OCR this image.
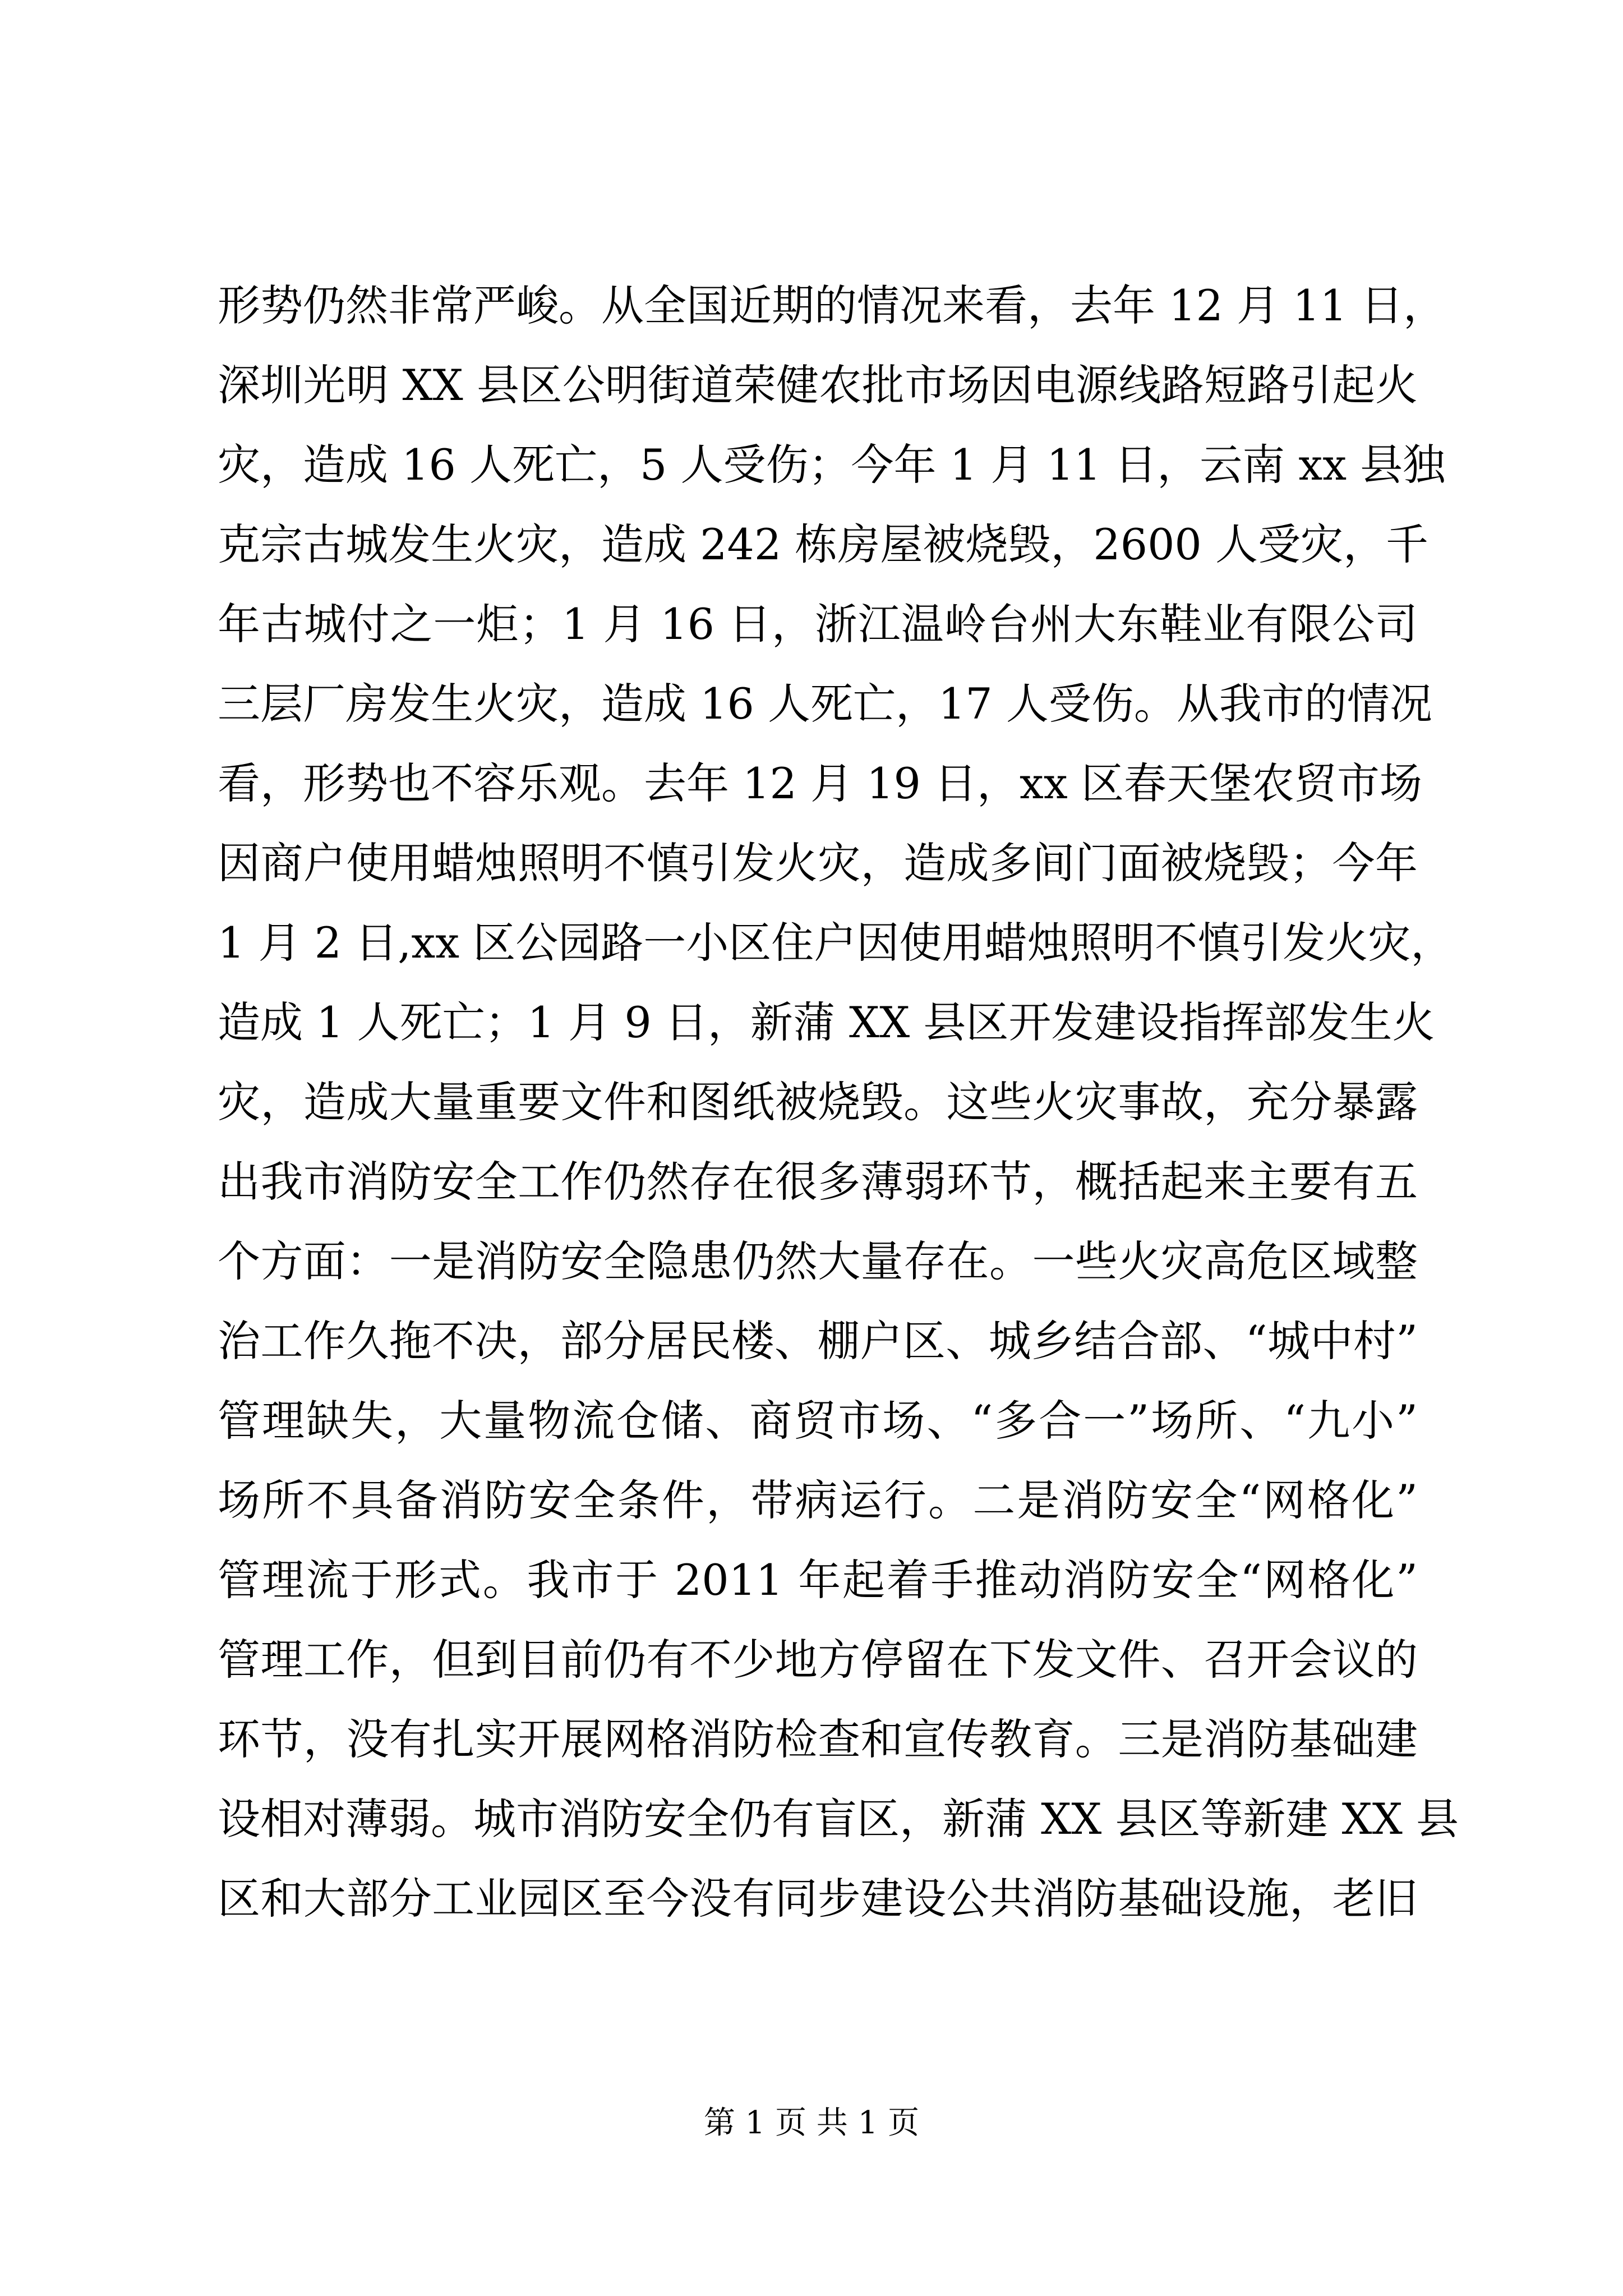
形势仍然非常严峻。从全国近期的情况来看，去年 12 月 11 日，
深圳光明 XX 县区公明街道荣健农批市场因电源线路短路引起火
灾，造成 16 人死亡，5 人受伤；今年 1 月 11 日，云南 xx 县独
克宗古城发生火灾，造成 242 栋房屋被烧毁，2600 人受灾，千
年古城付之一炬；1 月 16 日，浙江温岭台州大东鞋业有限公司
三层厂房发生火灾，造成 16 人死亡，17 人受伤。从我市的情况
看，形势也不容乐观。去年 12 月 19 日，xx 区春天堡农贸市场
因商户使用蜡烛照明不慎引发火灾，造成多间门面被烧毁；今年
1 月 2 日,xx 区公园路一小区住户因使用蜡烛照明不慎引发火灾，
造成 1 人死亡；1 月 9 日，新蒲 XX 县区开发建设指挥部发生火
灾，造成大量重要文件和图纸被烧毁。这些火灾事故，充分暴露
出我市消防安全工作仍然存在很多薄弱环节，概括起来主要有五
个方面：一是消防安全隐患仍然大量存在。一些火灾高危区域整
治工作久拖不决，部分居民楼、棚户区、城乡结合部、“城中村”
管理缺失，大量物流仓储、商贸市场、“多合一”场所、“九小”
场所不具备消防安全条件，带病运行。二是消防安全“网格化”
管理流于形式。我市于 2011 年起着手推动消防安全“网格化”
管理工作，但到目前仍有不少地方停留在下发文件、召开会议的
环节，没有扎实开展网格消防检查和宣传教育。三是消防基础建
设相对薄弱。城市消防安全仍有盲区，新蒲 XX 县区等新建 XX 县
区和大部分工业园区至今没有同步建设公共消防基础设施，老旧
第 1 页 共 1 页
